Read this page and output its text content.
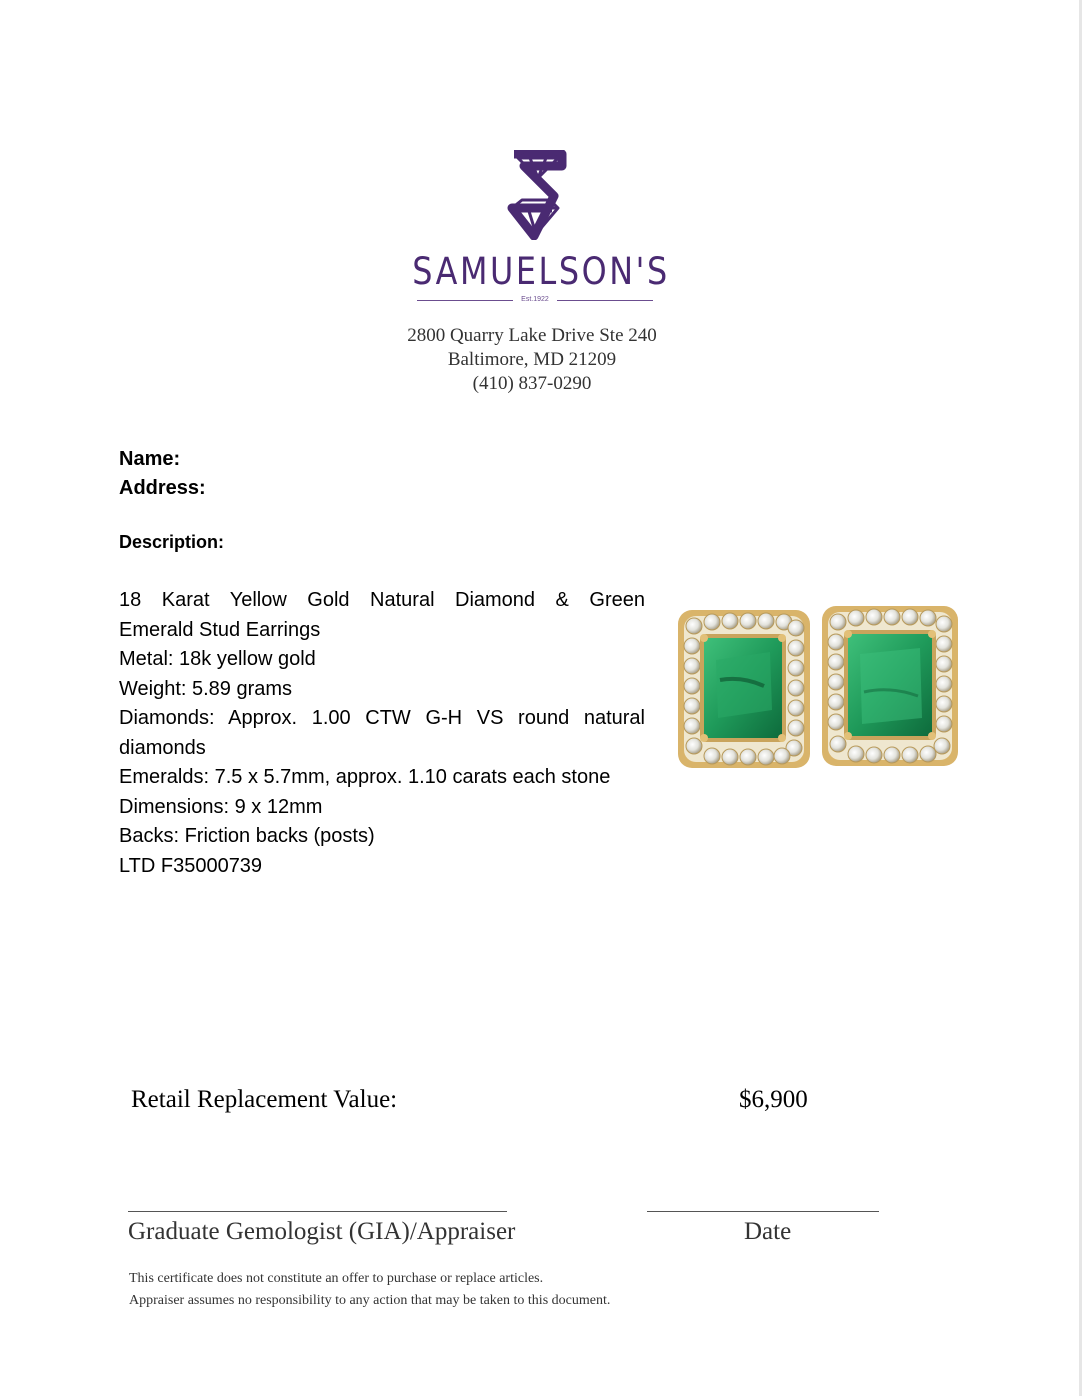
SAMUELSON'S
Est.1922
2800 Quarry Lake Drive Ste 240
Baltimore, MD 21209
(410) 837-0290
Name:
Address:
Description:
18 Karat Yellow Gold Natural Diamond & Green
Emerald Stud Earrings
Metal: 18k yellow gold
Weight: 5.89 grams
Diamonds: Approx. 1.00 CTW G-H VS round natural
diamonds
Emeralds: 7.5 x 5.7mm, approx. 1.10 carats each stone
Dimensions: 9 x 12mm
Backs: Friction backs (posts)
LTD F35000739
Retail Replacement Value:	$6,900
Graduate Gemologist (GIA)/Appraiser	Date
This certificate does not constitute an offer to purchase or replace articles.
Appraiser assumes no responsibility to any action that may be taken to this document.
